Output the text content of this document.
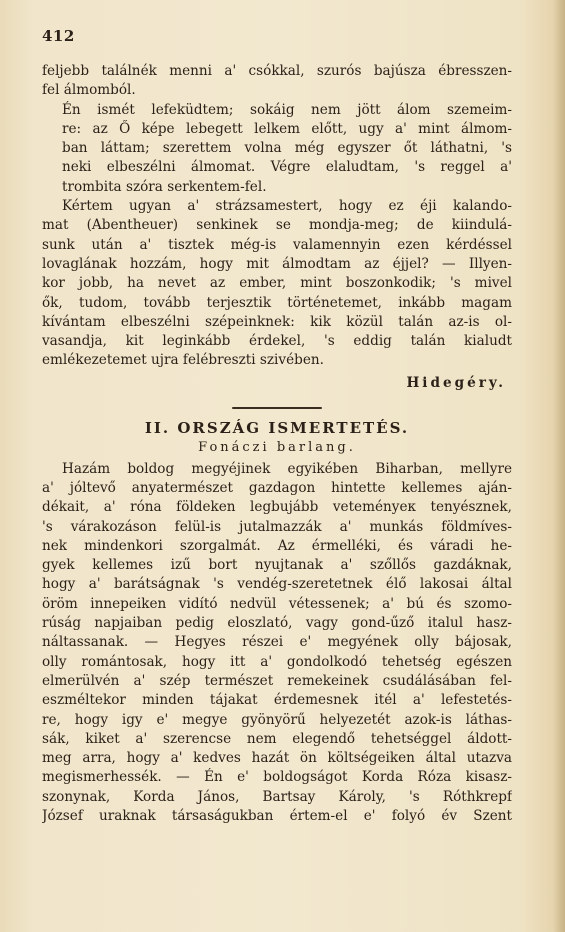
412

feljebb találnék menni a' csókkal, szurós bajúsza ébresszen-
fel álmomból.

Én ismét lefeküdtem; sokáig nem jött álom szemeim-
re: az Ő képe lebegett lelkem előtt, ugy a' mint álmom-
ban láttam; szerettem volna még egyszer őt láthatni, 's
neki elbeszélni álmomat. Végre elaludtam, 's reggel a'
trombita szóra serkentem-fel.

Kértem ugyan a' strázsamestert, hogy ez éji kalando-
mat (Abentheuer) senkinek se mondja-meg; de kiindulá-
sunk után a' tisztek még-is valamennyin ezen kérdéssel
lovaglának hozzám, hogy mit álmodtam az éjjel? — Illyen-
kor jobb, ha nevet az ember, mint boszonkodik; 's mivel
ők, tudom, tovább terjesztik történetemet, inkább magam
kívántam elbeszélni szépeinknek: kik közül talán az-is ol-
vasandja, kit leginkább érdekel, 's eddig talán kialudt
emlékezetemet ujra felébreszti szivében.

Hidegéry.
II. ORSZÁG ISMERTETÉS.
Fonáczi barlang.

Hazám boldog megyéjinek egyikében Biharban, mellyre
a' jóltevő anyatermészet gazdagon hintette kellemes aján-
dékait, a' róna földeken legbujább veteményeк tenyésznek,
's várakozáson felül-is jutalmazzák a' munkás földmíves-
nek mindenkori szorgalmát. Az érmelléki, és váradi he-
gyek kellemes izű bort nyujtanak a' szőllős gazdáknak,
hogy a' barátságnak 's vendég-szeretetnek élő lakosai által
öröm innepeiken vidító nedvül vétessenek; a' bú és szomo-
rúság napjaiban pedig eloszlató, vagy gond-űző italul hasz-
náltassanak. — Hegyes részei e' megyének olly bájosak,
olly romántosak, hogy itt a' gondolkodó tehetség egészen
elmerülvén a' szép természet remekeinek csudálásában fel-
eszméltekor minden tájakat érdemesnek itél a' lefestetés-
re, hogy igy e' megye gyönyörű helyezetét azok-is láthas-
sák, kiket a' szerencse nem elegendő tehetséggel áldott-
meg arra, hogy a' kedves hazát ön költségeiken által utazva
megismerhessék. — Én e' boldogságot Korda Róza kisasz-
szonynak, Korda János, Bartsay Károly, 's Róthkrepf
József uraknak társaságukban értem-el e' folyó év Szent
